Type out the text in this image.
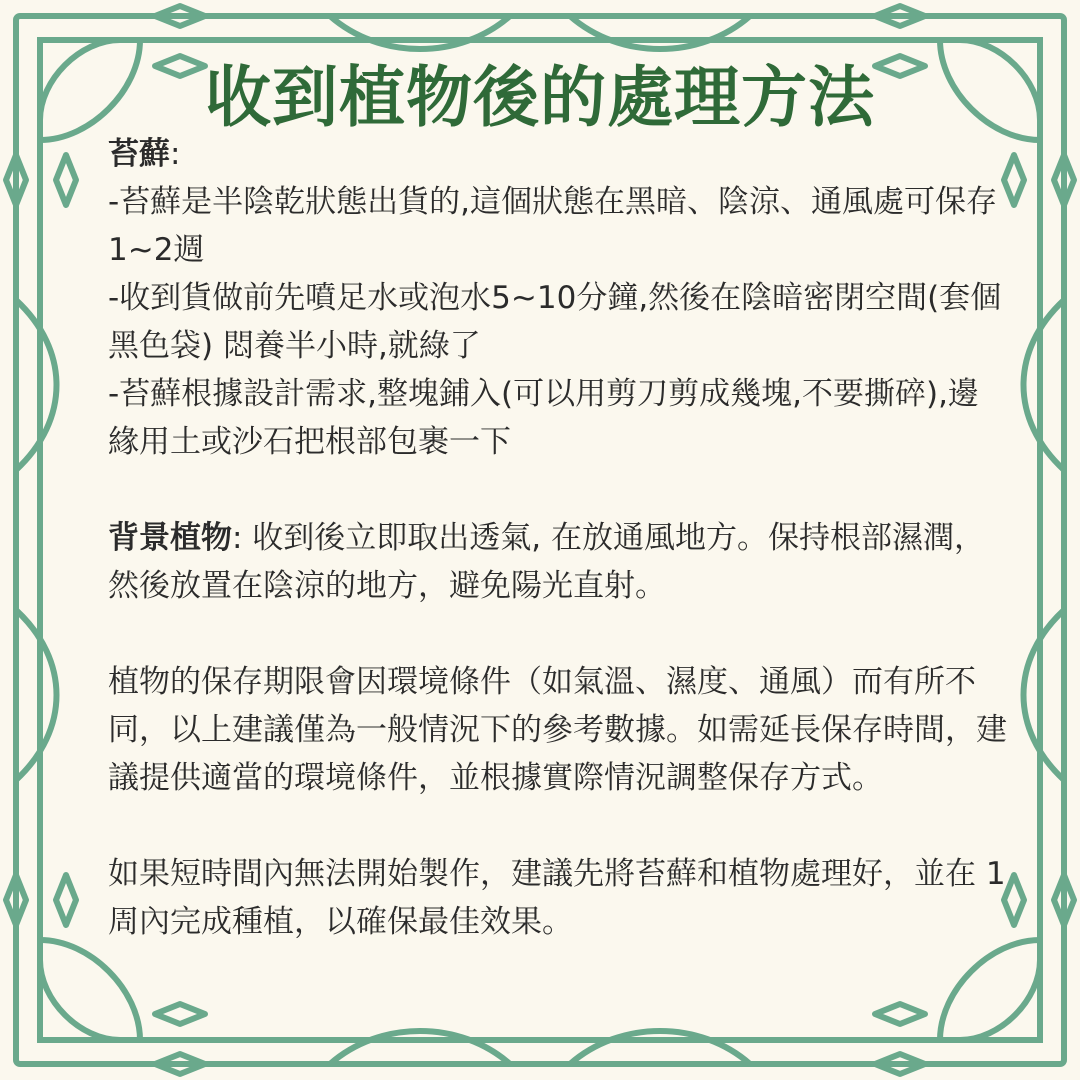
收到植物後的處理方法

苔蘚:

-苔蘚是半陰乾狀態出貨的,這個狀態在黑暗、陰涼、通風處可保存1~2週

-收到貨做前先噴足水或泡水5~10分鐘,然後在陰暗密閉空間(套個黑色袋) 悶養半小時,就綠了

-苔蘚根據設計需求,整塊鋪入(可以用剪刀剪成幾塊,不要撕碎),邊緣用土或沙石把根部包裹一下

背景植物: 收到後立即取出透氣, 在放通風地方。保持根部濕潤，然後放置在陰涼的地方，避免陽光直射。

植物的保存期限會因環境條件（如氣溫、濕度、通風）而有所不同，以上建議僅為一般情況下的參考數據。如需延長保存時間，建議提供適當的環境條件，並根據實際情況調整保存方式。

如果短時間內無法開始製作，建議先將苔蘚和植物處理好，並在 1周內完成種植，以確保最佳效果。
